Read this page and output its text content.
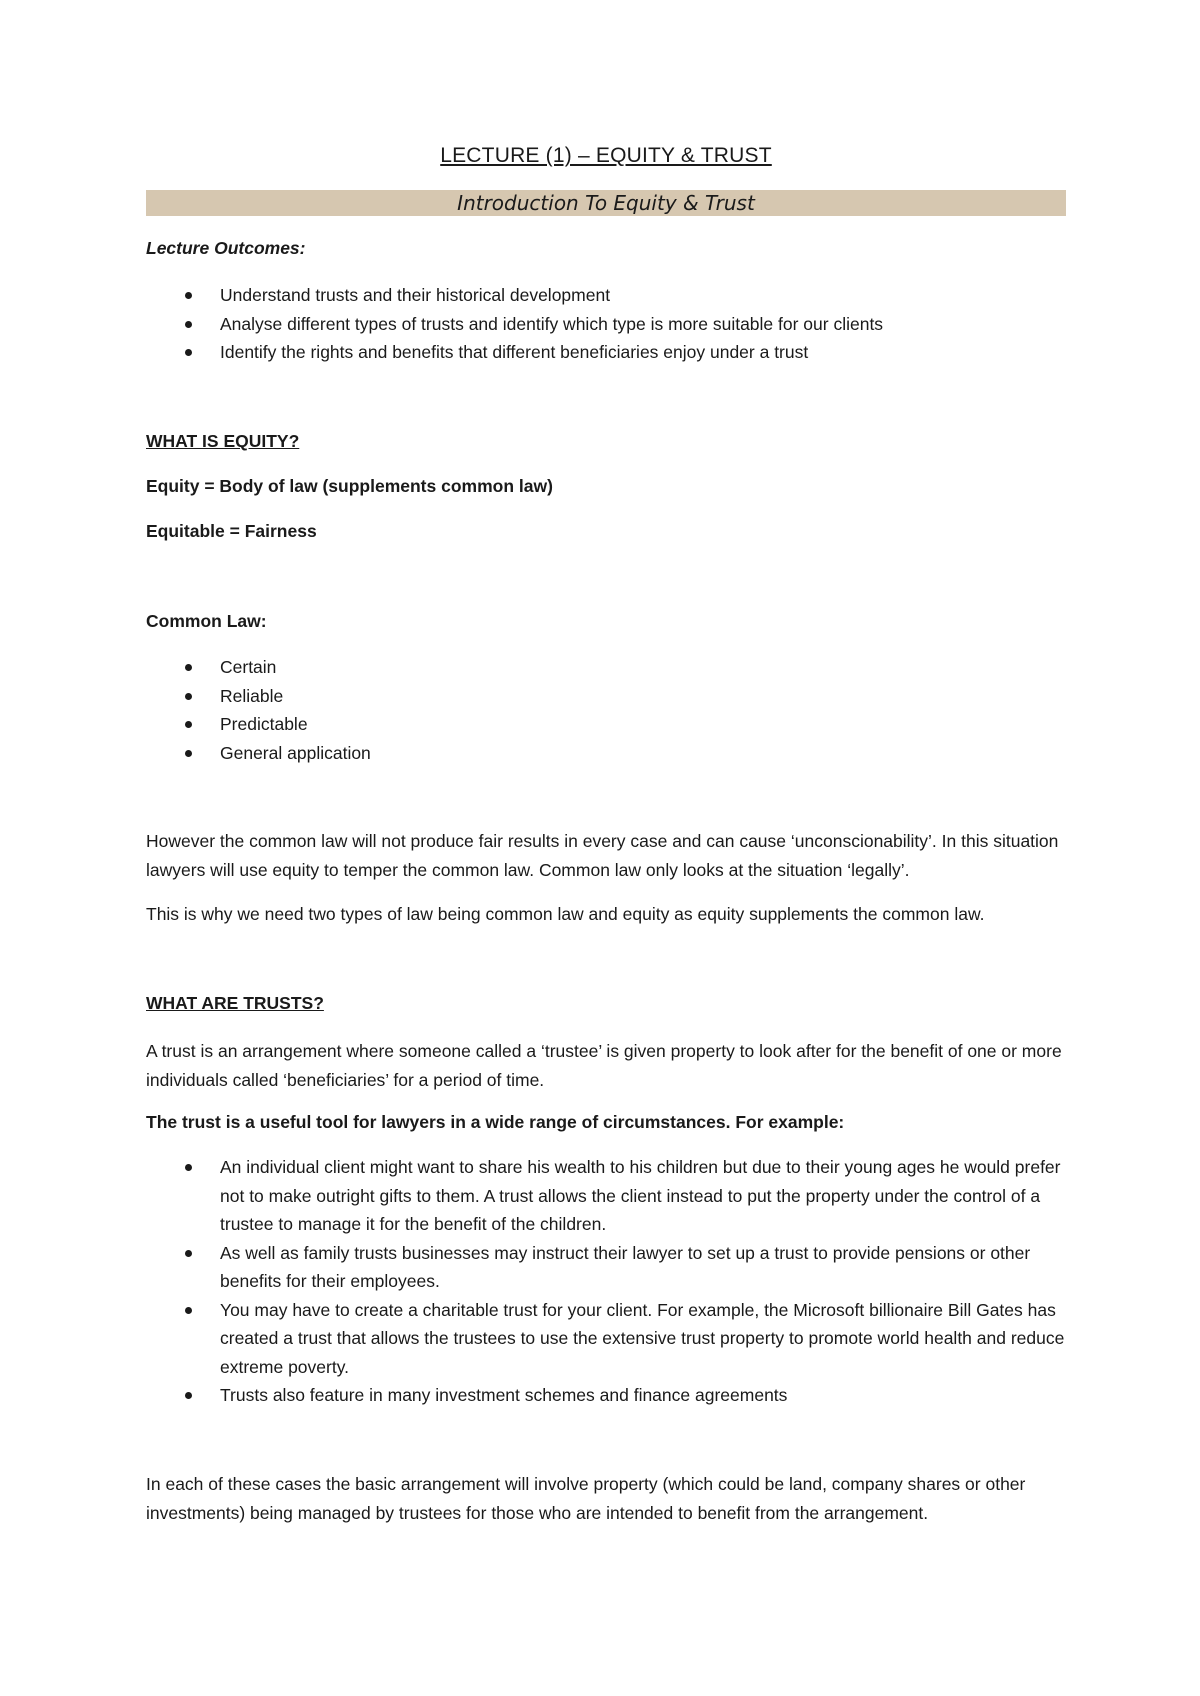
LECTURE (1) – EQUITY & TRUST
Introduction To Equity & Trust
Lecture Outcomes:
Understand trusts and their historical development
Analyse different types of trusts and identify which type is more suitable for our clients
Identify the rights and benefits that different beneficiaries enjoy under a trust
WHAT IS EQUITY?
Equity = Body of law (supplements common law)
Equitable = Fairness
Common Law:
Certain
Reliable
Predictable
General application

However the common law will not produce fair results in every case and can cause ‘unconscionability’. In this situation lawyers will use equity to temper the common law. Common law only looks at the situation ‘legally’.

This is why we need two types of law being common law and equity as equity supplements the common law.

WHAT ARE TRUSTS?

A trust is an arrangement where someone called a ‘trustee’ is given property to look after for the benefit of one or more individuals called ‘beneficiaries’ for a period of time.

The trust is a useful tool for lawyers in a wide range of circumstances. For example:
An individual client might want to share his wealth to his children but due to their young ages he would prefer not to make outright gifts to them. A trust allows the client instead to put the property under the control of a trustee to manage it for the benefit of the children.
As well as family trusts businesses may instruct their lawyer to set up a trust to provide pensions or other benefits for their employees.
You may have to create a charitable trust for your client. For example, the Microsoft billionaire Bill Gates has created a trust that allows the trustees to use the extensive trust property to promote world health and reduce extreme poverty.
Trusts also feature in many investment schemes and finance agreements

In each of these cases the basic arrangement will involve property (which could be land, company shares or other investments) being managed by trustees for those who are intended to benefit from the arrangement.
